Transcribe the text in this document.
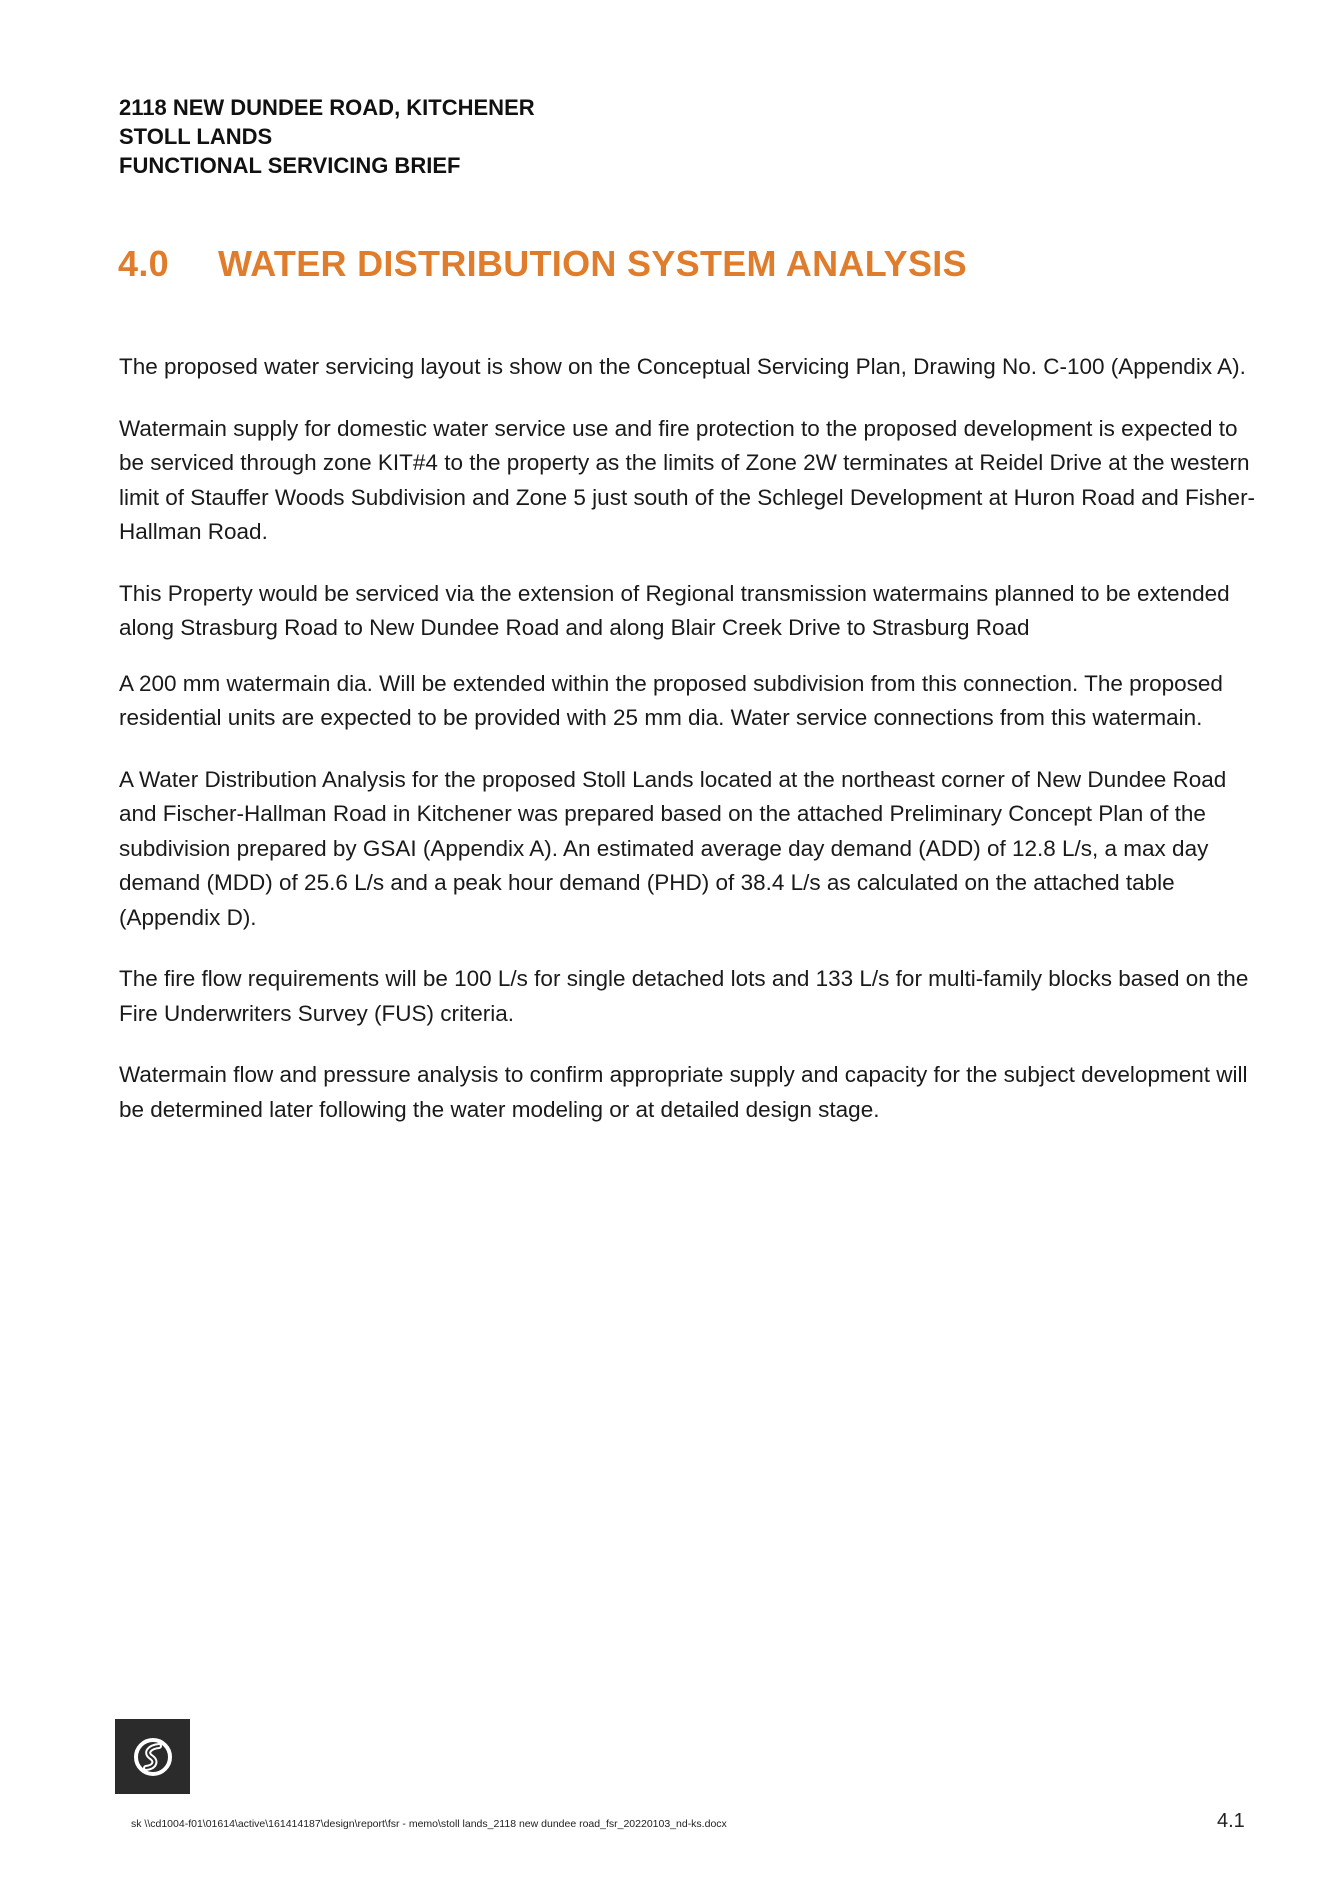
2118 NEW DUNDEE ROAD, KITCHENER
STOLL LANDS
FUNCTIONAL SERVICING BRIEF
4.0 WATER DISTRIBUTION SYSTEM ANALYSIS

The proposed water servicing layout is show on the Conceptual Servicing Plan, Drawing No. C-100 (Appendix A).

Watermain supply for domestic water service use and fire protection to the proposed development is expected to be serviced through zone KIT#4 to the property as the limits of Zone 2W terminates at Reidel Drive at the western limit of Stauffer Woods Subdivision and Zone 5 just south of the Schlegel Development at Huron Road and Fisher-Hallman Road.

This Property would be serviced via the extension of Regional transmission watermains planned to be extended along Strasburg Road to New Dundee Road and along Blair Creek Drive to Strasburg Road

A 200 mm watermain dia. Will be extended within the proposed subdivision from this connection. The proposed residential units are expected to be provided with 25 mm dia. Water service connections from this watermain.

A Water Distribution Analysis for the proposed Stoll Lands located at the northeast corner of New Dundee Road and Fischer-Hallman Road in Kitchener was prepared based on the attached Preliminary Concept Plan of the subdivision prepared by GSAI (Appendix A). An estimated average day demand (ADD) of 12.8 L/s, a max day demand (MDD) of 25.6 L/s and a peak hour demand (PHD) of 38.4 L/s as calculated on the attached table (Appendix D).

The fire flow requirements will be 100 L/s for single detached lots and 133 L/s for multi-family blocks based on the Fire Underwriters Survey (FUS) criteria.

Watermain flow and pressure analysis to confirm appropriate supply and capacity for the subject development will be determined later following the water modeling or at detailed design stage.

sk \\cd1004-f01\01614\active\161414187\design\report\fsr - memo\stoll lands_2118 new dundee road_fsr_20220103_nd-ks.docx	4.1
